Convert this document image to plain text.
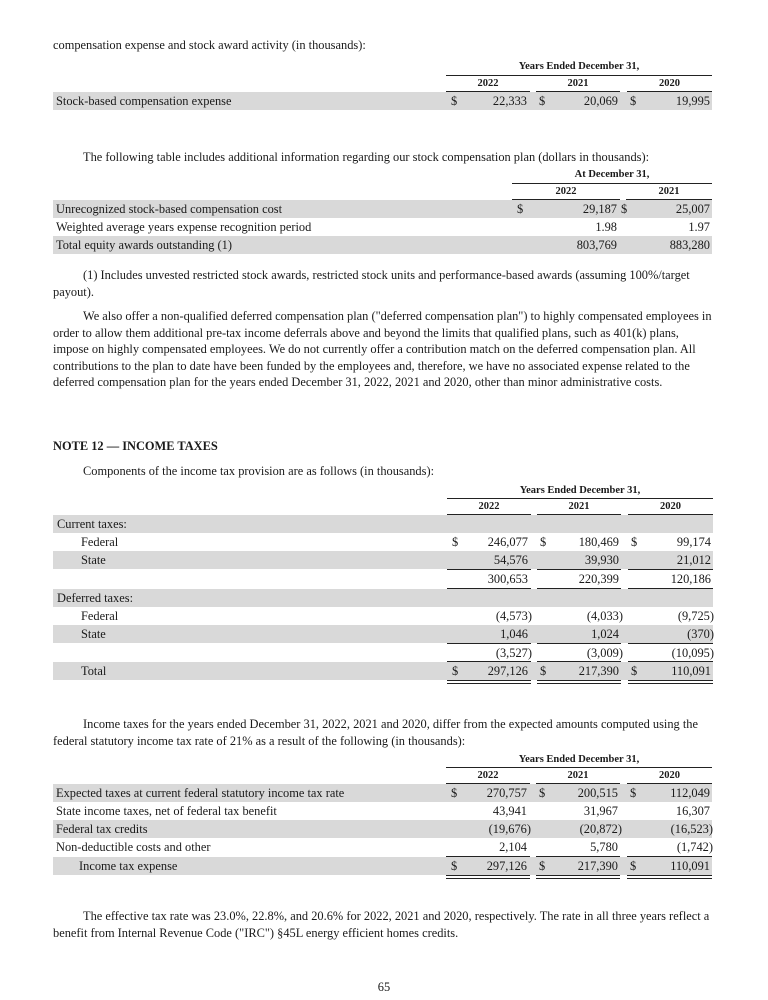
compensation expense and stock award activity (in thousands):
Years Ended December 31,
2022	2021	2020
Stock-based compensation expense	$	22,333 $	20,069 $	19,995
The following table includes additional information regarding our stock compensation plan (dollars in thousands):
At December 31,
2022	2021
Unrecognized stock-based compensation cost	$	29,187 $	25,007
Weighted average years expense recognition period	1.98	1.97
Total equity awards outstanding (1)	803,769	883,280
(1) Includes unvested restricted stock awards, restricted stock units and performance-based awards (assuming 100%/target payout).
We also offer a non-qualified deferred compensation plan ("deferred compensation plan") to highly compensated employees in order to allow them additional pre-tax income deferrals above and beyond the limits that qualified plans, such as 401(k) plans, impose on highly compensated employees. We do not currently offer a contribution match on the deferred compensation plan. All contributions to the plan to date have been funded by the employees and, therefore, we have no associated expense related to the deferred compensation plan for the years ended December 31, 2022, 2021 and 2020, other than minor administrative costs.
NOTE 12 — INCOME TAXES
Components of the income tax provision are as follows (in thousands):
Years Ended December 31,
2022	2021	2020
Current taxes:
Federal	$	246,077 $	180,469 $	99,174
State	54,576	39,930	21,012
300,653	220,399	120,186
Deferred taxes:
Federal	(4,573)	(4,033)	(9,725)
State	1,046	1,024	(370)
(3,527)	(3,009)	(10,095)
Total	$	297,126 $	217,390 $	110,091
Income taxes for the years ended December 31, 2022, 2021 and 2020, differ from the expected amounts computed using the federal statutory income tax rate of 21% as a result of the following (in thousands):
Years Ended December 31,
2022	2021	2020
Expected taxes at current federal statutory income tax rate	$	270,757 $	200,515 $	112,049
State income taxes, net of federal tax benefit	43,941	31,967	16,307
Federal tax credits	(19,676)	(20,872)	(16,523)
Non-deductible costs and other	2,104	5,780	(1,742)
Income tax expense	$	297,126 $	217,390 $	110,091
The effective tax rate was 23.0%, 22.8%, and 20.6% for 2022, 2021 and 2020, respectively. The rate in all three years reflect a benefit from Internal Revenue Code ("IRC") §45L energy efficient homes credits.
65
